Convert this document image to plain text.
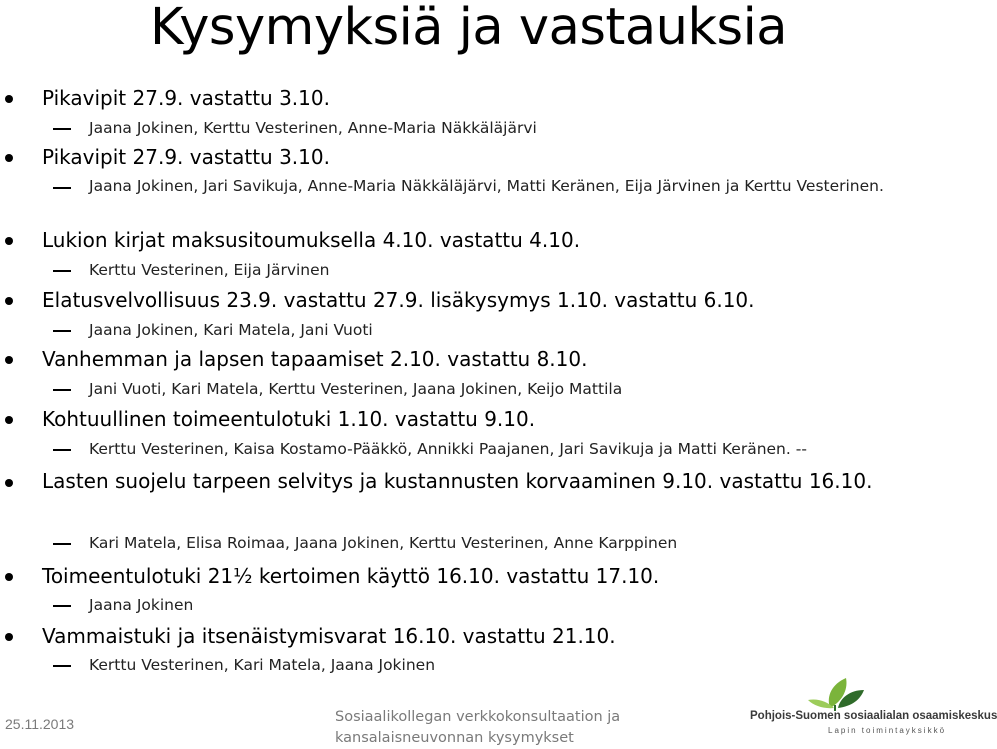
Kysymyksiä ja vastauksia
Pikavipit 27.9. vastattu 3.10.
Jaana Jokinen, Kerttu Vesterinen, Anne-Maria Näkkäläjärvi
Pikavipit 27.9. vastattu 3.10.
Jaana Jokinen, Jari Savikuja, Anne-Maria Näkkäläjärvi, Matti Keränen, Eija Järvinen ja Kerttu Vesterinen.
Lukion kirjat maksusitoumuksella 4.10. vastattu 4.10.
Kerttu Vesterinen, Eija Järvinen
Elatusvelvollisuus 23.9. vastattu 27.9. lisäkysymys 1.10. vastattu 6.10.
Jaana Jokinen, Kari Matela, Jani Vuoti
Vanhemman ja lapsen tapaamiset 2.10. vastattu 8.10.
Jani Vuoti, Kari Matela, Kerttu Vesterinen, Jaana Jokinen, Keijo Mattila
Kohtuullinen toimeentulotuki 1.10. vastattu 9.10.
Kerttu Vesterinen, Kaisa Kostamo-Pääkkö, Annikki Paajanen, Jari Savikuja ja Matti Keränen. --
Lasten suojelu tarpeen selvitys ja kustannusten korvaaminen 9.10. vastattu 16.10.
Kari Matela, Elisa Roimaa, Jaana Jokinen, Kerttu Vesterinen, Anne Karppinen
Toimeentulotuki 21½ kertoimen käyttö 16.10. vastattu 17.10.
Jaana Jokinen
Vammaistuki ja itsenäistymisvarat 16.10. vastattu 21.10.
Kerttu Vesterinen, Kari Matela, Jaana Jokinen
25.11.2013	Sosiaalikollegan verkkokonsultaation ja kansalaisneuvonnan kysymykset
Pohjois-Suomen sosiaalialan osaamiskeskus
Lapin toimintayksikkö
